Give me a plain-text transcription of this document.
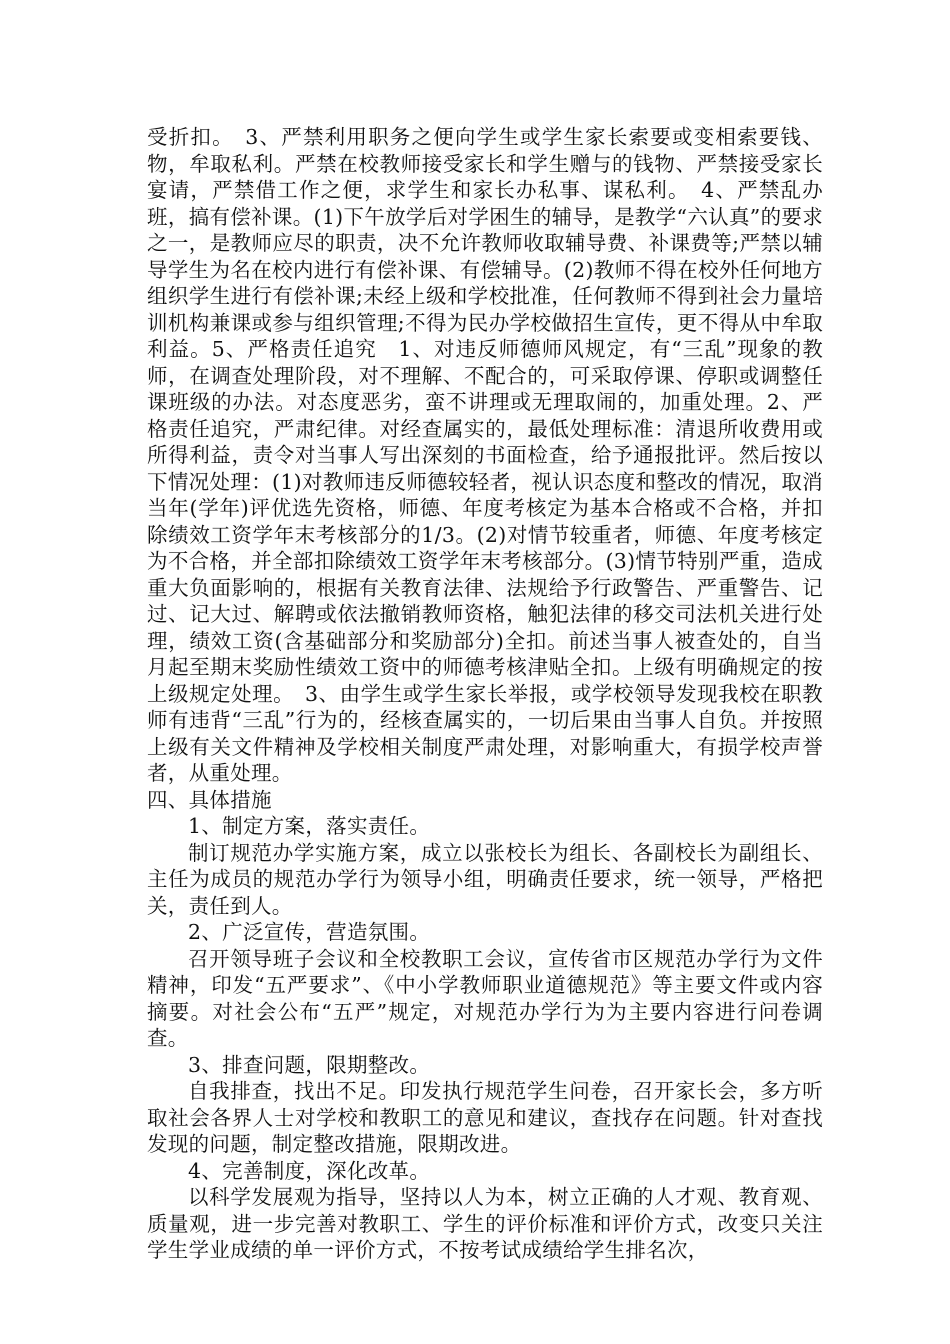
受折扣。　3、严禁利用职务之便向学生或学生家长索要或变相索要钱、物，牟取私利。严禁在校教师接受家长和学生赠与的钱物、严禁接受家长宴请，严禁借工作之便，求学生和家长办私事、谋私利。　4、严禁乱办班，搞有偿补课。(1)下午放学后对学困生的辅导，是教学“六认真”的要求之一，是教师应尽的职责，决不允许教师收取辅导费、补课费等;严禁以辅导学生为名在校内进行有偿补课、有偿辅导。(2)教师不得在校外任何地方组织学生进行有偿补课;未经上级和学校批准，任何教师不得到社会力量培训机构兼课或参与组织管理;不得为民办学校做招生宣传，更不得从中牟取利益。5、严格责任追究　1、对违反师德师风规定，有“三乱”现象的教师，在调查处理阶段，对不理解、不配合的，可采取停课、停职或调整任课班级的办法。对态度恶劣，蛮不讲理或无理取闹的，加重处理。2、严格责任追究，严肃纪律。对经查属实的，最低处理标准：清退所收费用或所得利益，责令对当事人写出深刻的书面检查，给予通报批评。然后按以下情况处理：(1)对教师违反师德较轻者，视认识态度和整改的情况，取消当年(学年)评优选先资格，师德、年度考核定为基本合格或不合格，并扣除绩效工资学年末考核部分的1/3。(2)对情节较重者，师德、年度考核定为不合格，并全部扣除绩效工资学年末考核部分。(3)情节特别严重，造成重大负面影响的，根据有关教育法律、法规给予行政警告、严重警告、记过、记大过、解聘或依法撤销教师资格，触犯法律的移交司法机关进行处理，绩效工资(含基础部分和奖励部分)全扣。前述当事人被查处的，自当月起至期末奖励性绩效工资中的师德考核津贴全扣。上级有明确规定的按上级规定处理。　3、由学生或学生家长举报，或学校领导发现我校在职教师有违背“三乱”行为的，经核查属实的，一切后果由当事人自负。并按照上级有关文件精神及学校相关制度严肃处理，对影响重大，有损学校声誉者，从重处理。

四、具体措施

1、制定方案，落实责任。

制订规范办学实施方案，成立以张校长为组长、各副校长为副组长、主任为成员的规范办学行为领导小组，明确责任要求，统一领导，严格把关，责任到人。

2、广泛宣传，营造氛围。

召开领导班子会议和全校教职工会议，宣传省市区规范办学行为文件精神，印发“五严要求”、《中小学教师职业道德规范》等主要文件或内容摘要。对社会公布“五严”规定，对规范办学行为为主要内容进行问卷调查。

3、排查问题，限期整改。

自我排查，找出不足。印发执行规范学生问卷，召开家长会，多方听取社会各界人士对学校和教职工的意见和建议，查找存在问题。针对查找发现的问题，制定整改措施，限期改进。

4、完善制度，深化改革。

以科学发展观为指导，坚持以人为本，树立正确的人才观、教育观、质量观，进一步完善对教职工、学生的评价标准和评价方式，改变只关注学生学业成绩的单一评价方式，不按考试成绩给学生排名次，
